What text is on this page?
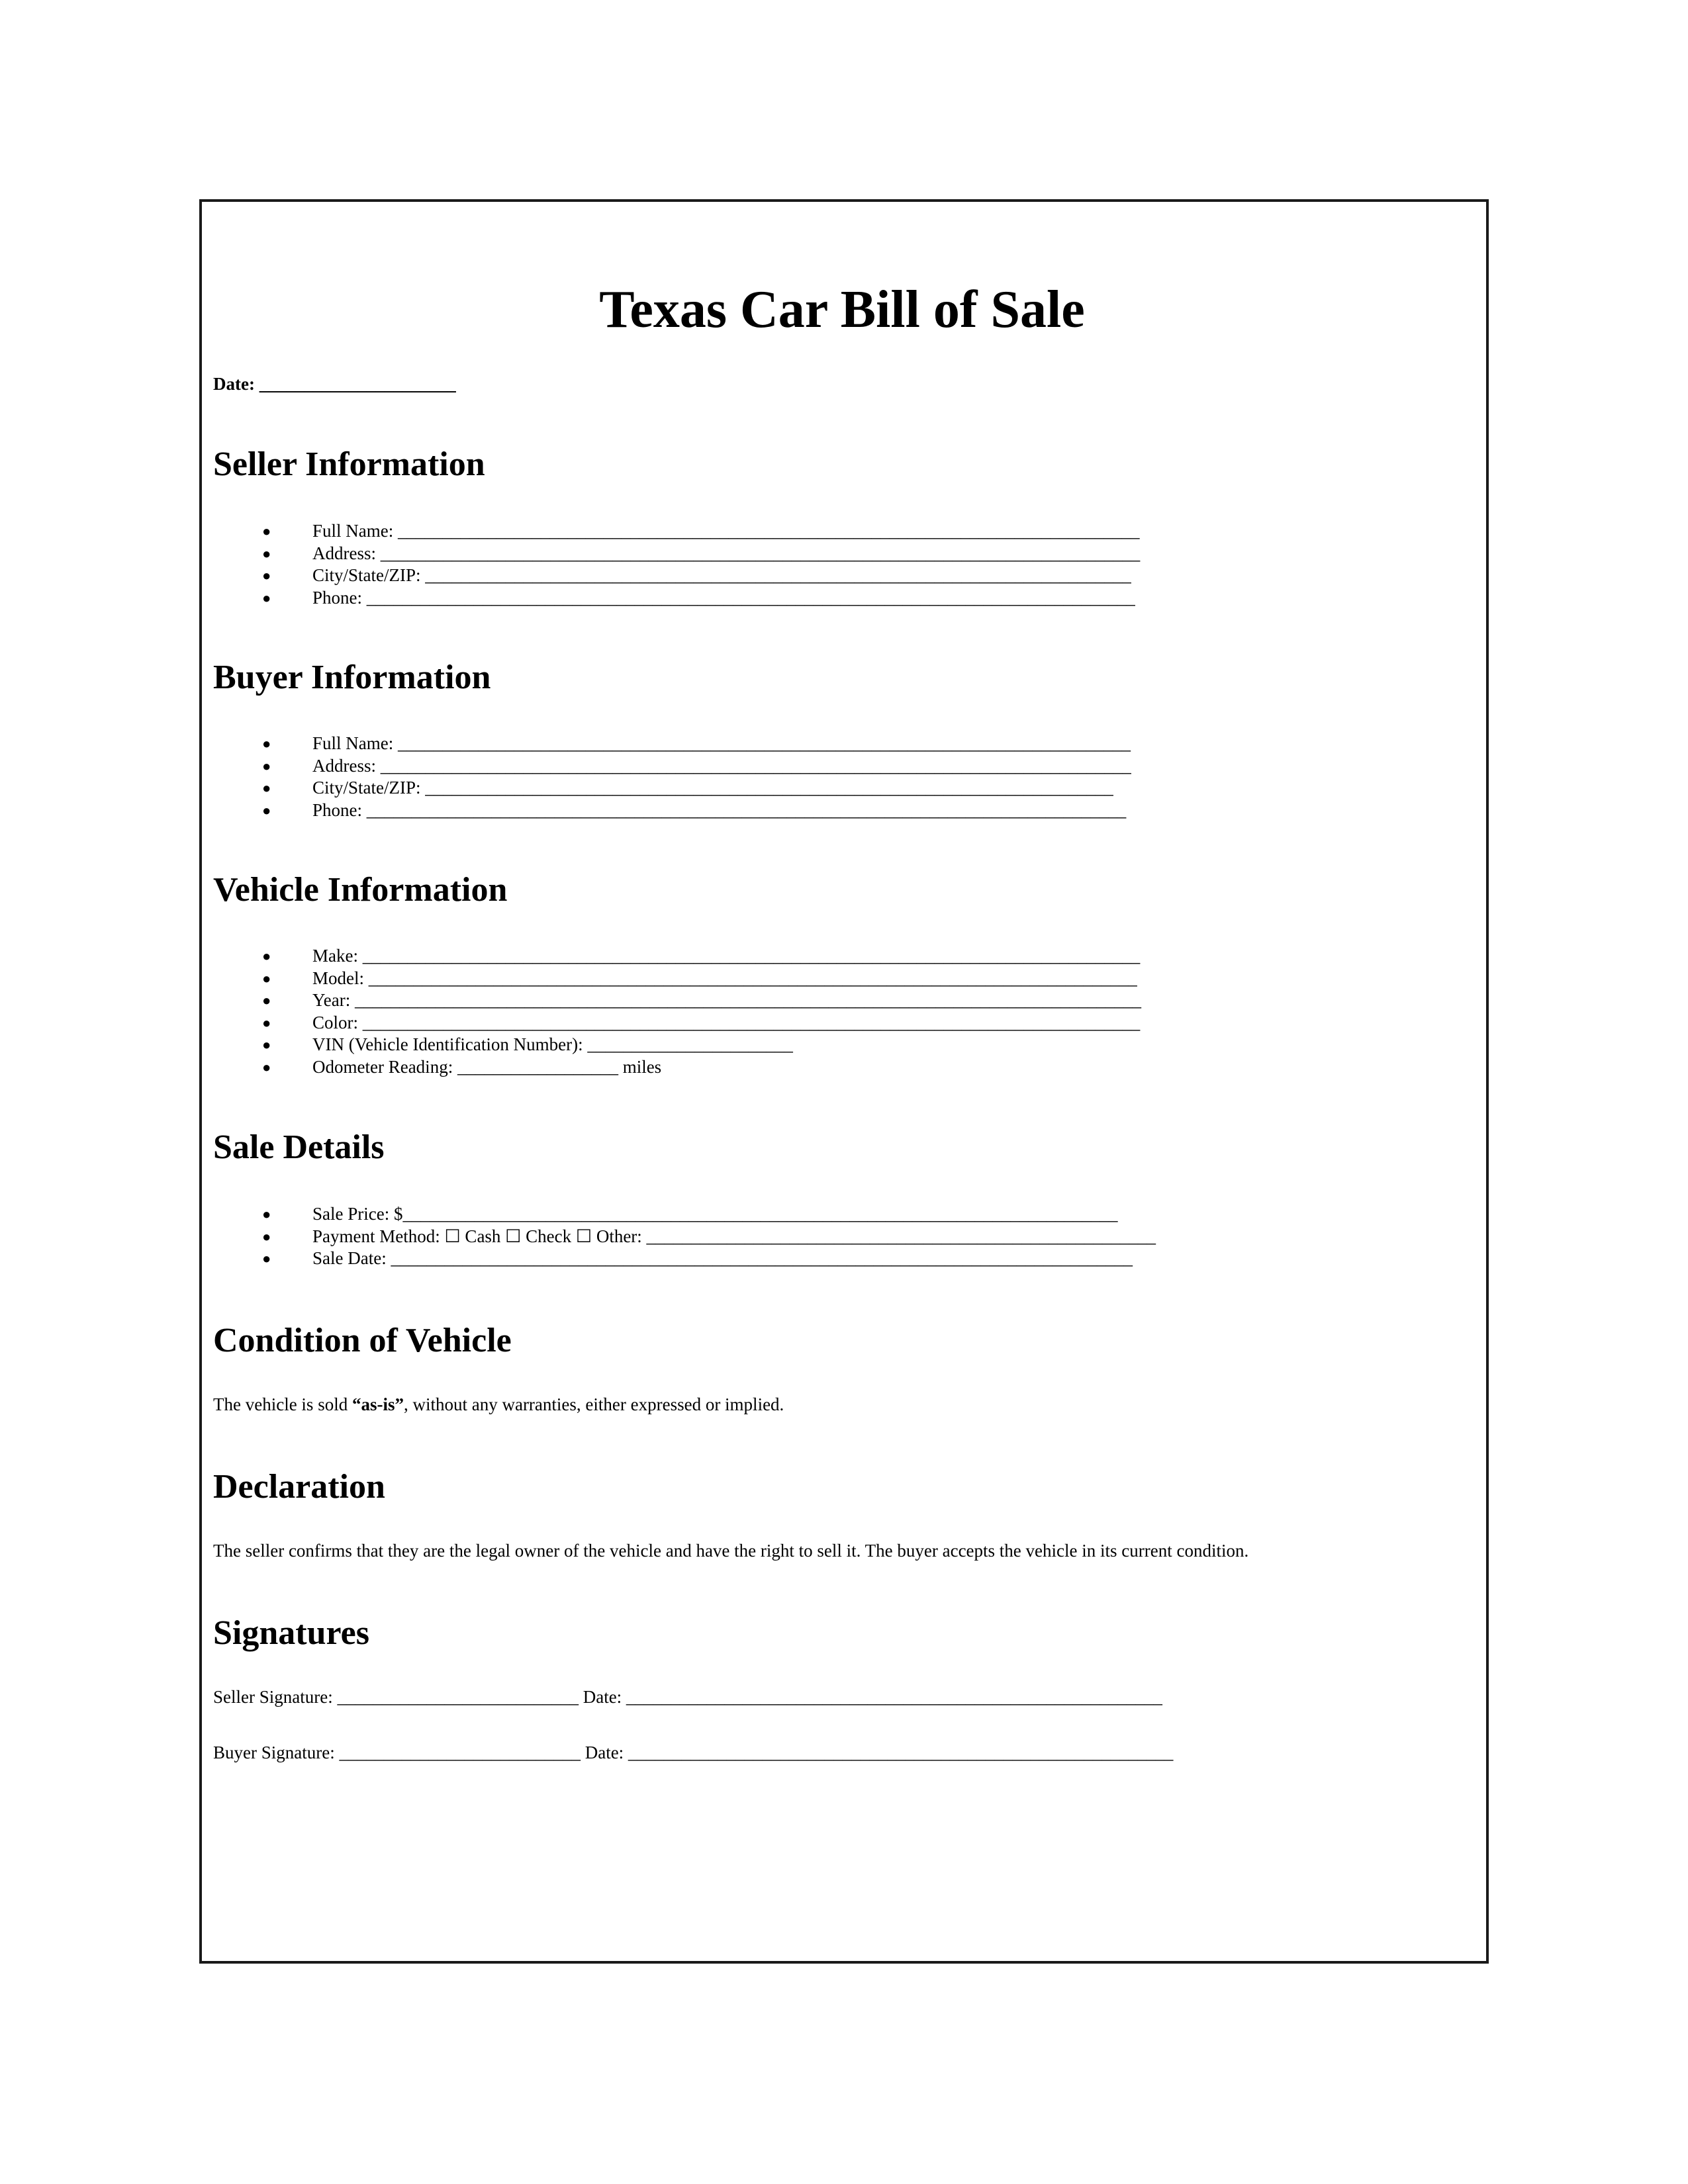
Texas Car Bill of Sale
Date: ______________________
Seller Information
● Full Name: ___________________________________________________________________________________
● Address: _____________________________________________________________________________________
● City/State/ZIP: _______________________________________________________________________________
● Phone: ______________________________________________________________________________________
Buyer Information
● Full Name: __________________________________________________________________________________
● Address: ____________________________________________________________________________________
● City/State/ZIP: _____________________________________________________________________________
● Phone: _____________________________________________________________________________________
Vehicle Information
● Make: _______________________________________________________________________________________
● Model: ______________________________________________________________________________________
● Year: ________________________________________________________________________________________
● Color: _______________________________________________________________________________________
● VIN (Vehicle Identification Number): _______________________
● Odometer Reading: __________________ miles
Sale Details
● Sale Price: $________________________________________________________________________________
● Payment Method: ☐ Cash ☐ Check ☐ Other: _________________________________________________________
● Sale Date: ___________________________________________________________________________________
Condition of Vehicle
The vehicle is sold “as-is”, without any warranties, either expressed or implied.
Declaration
The seller confirms that they are the legal owner of the vehicle and have the right to sell it. The buyer accepts the vehicle in its current condition.
Signatures
Seller Signature: ___________________________ Date: ____________________________________________________________
Buyer Signature: ___________________________ Date: _____________________________________________________________
